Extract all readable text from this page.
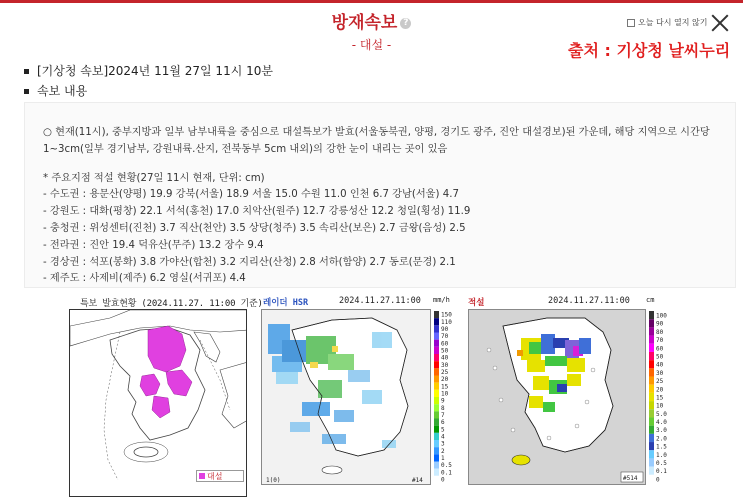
방재속보 ?
- 대설 -
오늘 다시 열지 않기
출처 : 기상청 날씨누리
[기상청 속보]2024년 11월 27일 11시 10분
속보 내용

○ 현재(11시), 중부지방과 일부 남부내륙을 중심으로 대설특보가 발효(서울동북권, 양평, 경기도 광주, 진안 대설경보)된 가운데, 해당 지역으로 시간당

1~3cm(일부 경기남부, 강원내륙.산지, 전북동부 5cm 내외)의 강한 눈이 내리는 곳이 있음

* 주요지점 적설 현황(27일 11시 현재, 단위: cm)

- 수도권 : 용문산(양평) 19.9 강북(서울) 18.9 서울 15.0 수원 11.0 인천 6.7 강남(서울) 4.7

- 강원도 : 대화(평창) 22.1 서석(홍천) 17.0 치악산(원주) 12.7 강릉성산 12.2 청일(횡성) 11.9

- 충청권 : 위성센터(진천) 3.7 직산(천안) 3.5 상당(청주) 3.5 속리산(보은) 2.7 금왕(음성) 2.5

- 전라권 : 진안 19.4 덕유산(무주) 13.2 장수 9.4

- 경상권 : 석포(봉화) 3.8 가야산(합천) 3.2 지리산(산청) 2.8 서하(함양) 2.7 동로(문경) 2.1

- 제주도 : 사제비(제주) 6.2 영실(서귀포) 4.4

특보 발효현황 (2024.11.27. 11:00 기준)
대설
레이더 HSR	2024.11.27.11:00 mm/h
1(0)	#14
150
110
90
70
60
50
40
30
25
20
15
10
9
8
7
6
5
4
3
2
1
0.5
0.1
0
적설	2024.11.27.11:00 cm
#514
100
90
80
70
60
50
40
30
25
20
15
10
5.0
4.0
3.0
2.0
1.5
1.0
0.5
0.1
0
